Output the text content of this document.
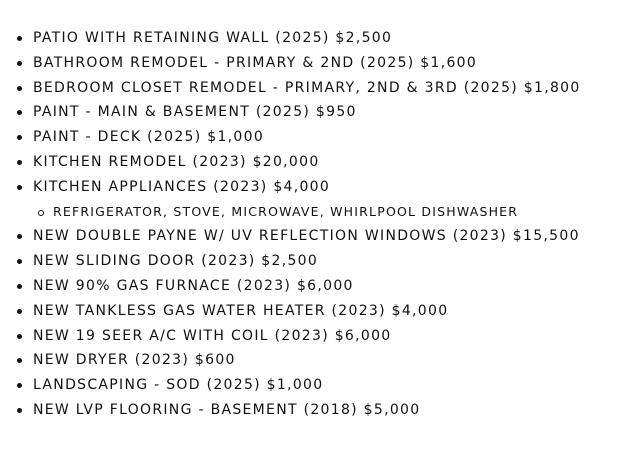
PATIO WITH RETAINING WALL (2025) $2,500
BATHROOM REMODEL - PRIMARY & 2ND (2025) $1,600
BEDROOM CLOSET REMODEL - PRIMARY, 2ND & 3RD (2025) $1,800
PAINT - MAIN & BASEMENT (2025) $950
PAINT - DECK (2025) $1,000
KITCHEN REMODEL (2023) $20,000
KITCHEN APPLIANCES (2023) $4,000
REFRIGERATOR, STOVE, MICROWAVE, WHIRLPOOL DISHWASHER
NEW DOUBLE PAYNE W/ UV REFLECTION WINDOWS (2023) $15,500
NEW SLIDING DOOR (2023) $2,500
NEW 90% GAS FURNACE (2023) $6,000
NEW TANKLESS GAS WATER HEATER (2023) $4,000
NEW 19 SEER A/C WITH COIL (2023) $6,000
NEW DRYER (2023) $600
LANDSCAPING - SOD (2025) $1,000
NEW LVP FLOORING - BASEMENT (2018) $5,000
